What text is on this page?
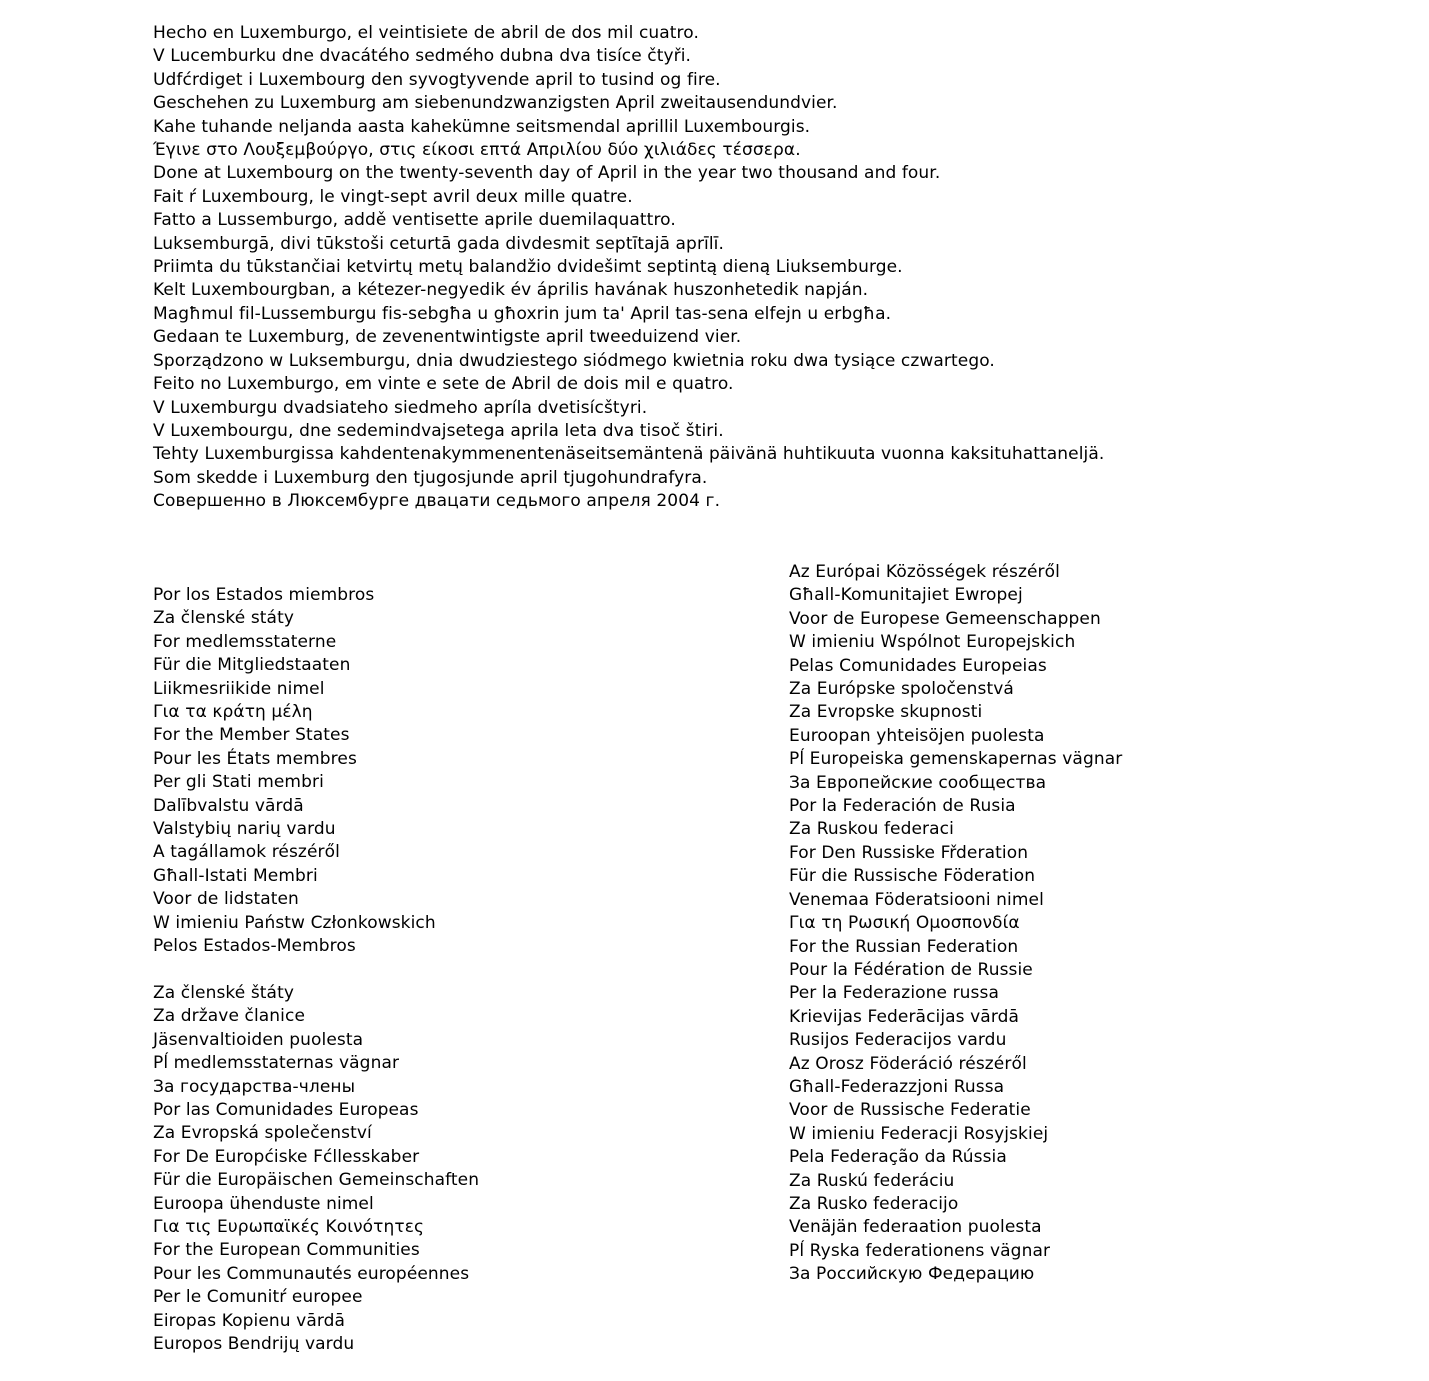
Hecho en Luxemburgo, el veintisiete de abril de dos mil cuatro.
V Lucemburku dne dvacátého sedmého dubna dva tisíce čtyři.
Udfćrdiget i Luxembourg den syvogtyvende april to tusind og fire.
Geschehen zu Luxemburg am siebenundzwanzigsten April zweitausendundvier.
Kahe tuhande neljanda aasta kahekümne seitsmendal aprillil Luxembourgis.
Έγινε στο Λουξεμβούργο, στις είκοσι επτά Απριλίου δύο χιλιάδες τέσσερα.
Done at Luxembourg on the twenty-seventh day of April in the year two thousand and four.
Fait ŕ Luxembourg, le vingt-sept avril deux mille quatre.
Fatto a Lussemburgo, addě ventisette aprile duemilaquattro.
Luksemburgā, divi tūkstoši ceturtā gada divdesmit septītajā aprīlī.
Priimta du tūkstančiai ketvirtų metų balandžio dvidešimt septintą dieną Liuksemburge.
Kelt Luxembourgban, a kétezer-negyedik év április havának huszonhetedik napján.
Magħmul fil-Lussemburgu fis-sebgħa u għoxrin jum ta' April tas-sena elfejn u erbgħa.
Gedaan te Luxemburg, de zevenentwintigste april tweeduizend vier.
Sporządzono w Luksemburgu, dnia dwudziestego siódmego kwietnia roku dwa tysiące czwartego.
Feito no Luxemburgo, em vinte e sete de Abril de dois mil e quatro.
V Luxemburgu dvadsiateho siedmeho apríla dvetisícštyri.
V Luxembourgu, dne sedemindvajsetega aprila leta dva tisoč štiri.
Tehty Luxemburgissa kahdentenakymmenentenäseitsemäntenä päivänä huhtikuuta vuonna kaksituhattaneljä.
Som skedde i Luxemburg den tjugosjunde april tjugohundrafyra.
Совершенно в Люксембурге двацати седьмого апреля 2004 г.
Por los Estados miembros
Za členské státy
For medlemsstaterne
Für die Mitgliedstaaten
Liikmesriikide nimel
Για τα κράτη μέλη
For the Member States
Pour les États membres
Per gli Stati membri
Dalībvalstu vārdā
Valstybių narių vardu
A tagállamok részéről
Għall-Istati Membri
Voor de lidstaten
W imieniu Państw Członkowskich
Pelos Estados-Membros
Za členské štáty
Za države članice
Jäsenvaltioiden puolesta
Pĺ medlemsstaternas vägnar
За государства-члены
Por las Comunidades Europeas
Za Evropská společenství
For De Europćiske Fćllesskaber
Für die Europäischen Gemeinschaften
Euroopa ühenduste nimel
Για τις Ευρωπαϊκές Κοινότητες
For the European Communities
Pour les Communautés européennes
Per le Comunitŕ europee
Eiropas Kopienu vārdā
Europos Bendrijų vardu
Az Európai Közösségek részéről
Għall-Komunitajiet Ewropej
Voor de Europese Gemeenschappen
W imieniu Wspólnot Europejskich
Pelas Comunidades Europeias
Za Európske spoločenstvá
Za Evropske skupnosti
Euroopan yhteisöjen puolesta
Pĺ Europeiska gemenskapernas vägnar
За Европейские сообщества
Por la Federación de Rusia
Za Ruskou federaci
For Den Russiske Fřderation
Für die Russische Föderation
Venemaa Föderatsiooni nimel
Για τη Ρωσική Ομοσπονδία
For the Russian Federation
Pour la Fédération de Russie
Per la Federazione russa
Krievijas Federācijas vārdā
Rusijos Federacijos vardu
Az Orosz Föderáció részéről
Għall-Federazzjoni Russa
Voor de Russische Federatie
W imieniu Federacji Rosyjskiej
Pela Federação da Rússia
Za Ruskú federáciu
Za Rusko federacijo
Venäjän federaation puolesta
Pĺ Ryska federationens vägnar
За Российскую Федерацию
